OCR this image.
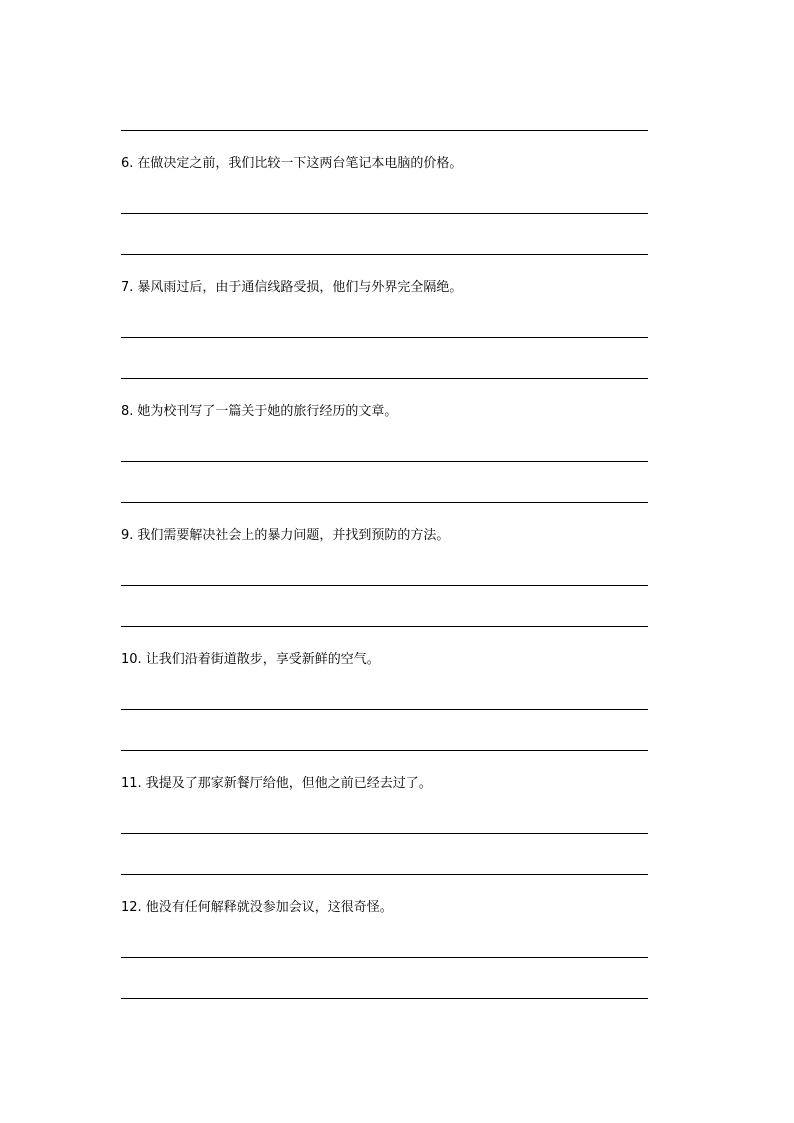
6. 在做决定之前，我们比较一下这两台笔记本电脑的价格。
7. 暴风雨过后，由于通信线路受损，他们与外界完全隔绝。
8. 她为校刊写了一篇关于她的旅行经历的文章。
9. 我们需要解决社会上的暴力问题，并找到预防的方法。
10. 让我们沿着街道散步，享受新鲜的空气。
11. 我提及了那家新餐厅给他，但他之前已经去过了。
12. 他没有任何解释就没参加会议，这很奇怪。
